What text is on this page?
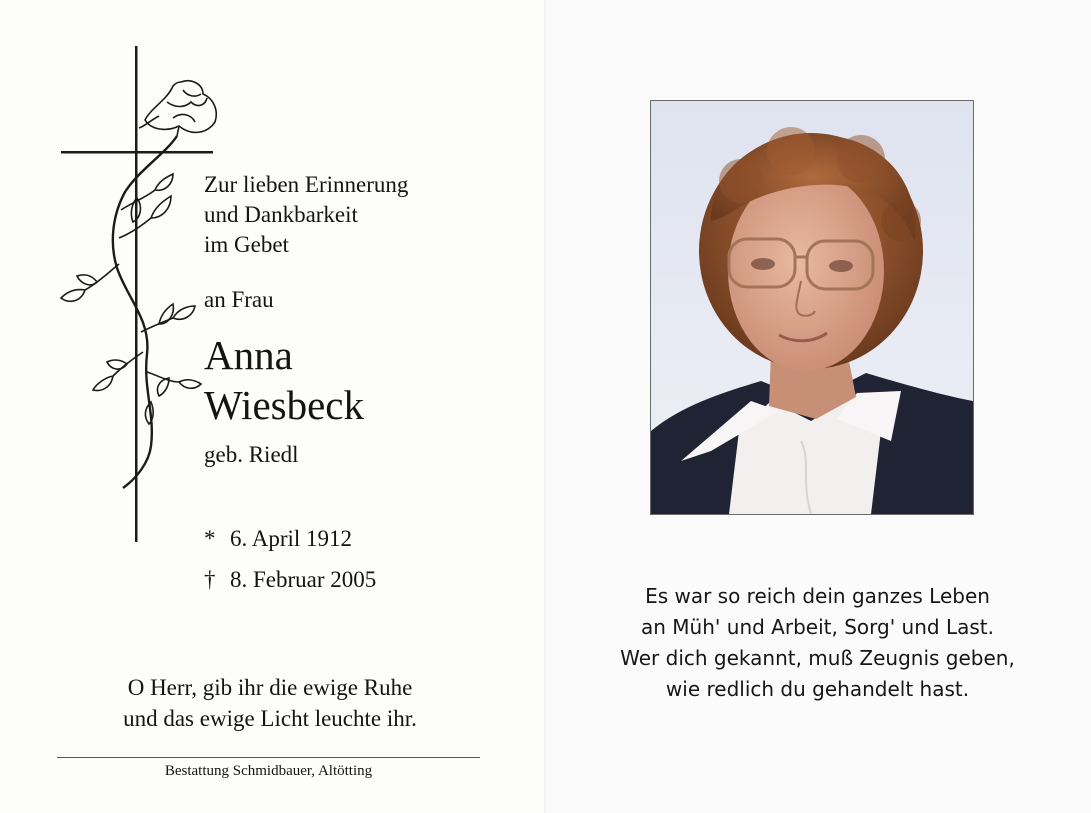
Zur lieben Erinnerung
und Dankbarkeit
im Gebet
an Frau
Anna
Wiesbeck
geb. Riedl
* 6. April 1912
† 8. Februar 2005
O Herr, gib ihr die ewige Ruhe
und das ewige Licht leuchte ihr.
Bestattung Schmidbauer, Altötting
Es war so reich dein ganzes Leben
an Müh' und Arbeit, Sorg' und Last.
Wer dich gekannt, muß Zeugnis geben,
wie redlich du gehandelt hast.
